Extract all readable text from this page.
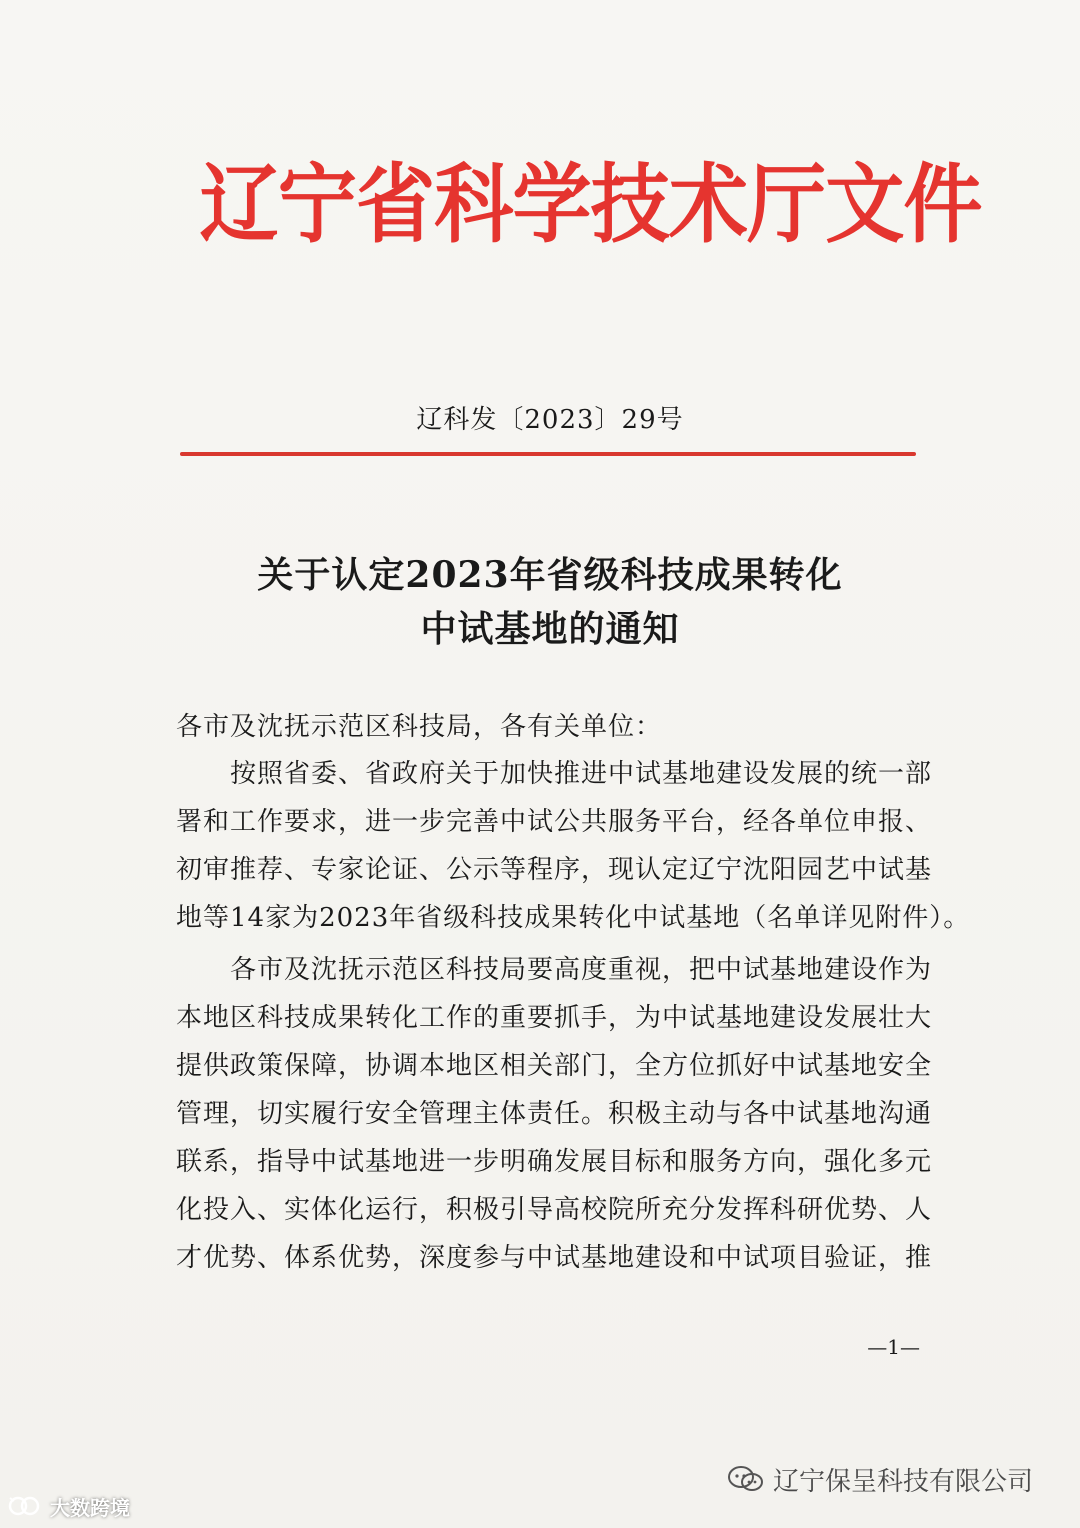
辽宁省科学技术厅文件
辽科发〔2023〕29号
关于认定2023年省级科技成果转化
中试基地的通知
各市及沈抚示范区科技局，各有关单位：
　　按照省委、省政府关于加快推进中试基地建设发展的统一部
署和工作要求，进一步完善中试公共服务平台，经各单位申报、
初审推荐、专家论证、公示等程序，现认定辽宁沈阳园艺中试基
地等14家为2023年省级科技成果转化中试基地（名单详见附件）。
　　各市及沈抚示范区科技局要高度重视，把中试基地建设作为
本地区科技成果转化工作的重要抓手，为中试基地建设发展壮大
提供政策保障，协调本地区相关部门，全方位抓好中试基地安全
管理，切实履行安全管理主体责任。积极主动与各中试基地沟通
联系，指导中试基地进一步明确发展目标和服务方向，强化多元
化投入、实体化运行，积极引导高校院所充分发挥科研优势、人
才优势、体系优势，深度参与中试基地建设和中试项目验证，推
—1—
辽宁保呈科技有限公司
大数跨境
